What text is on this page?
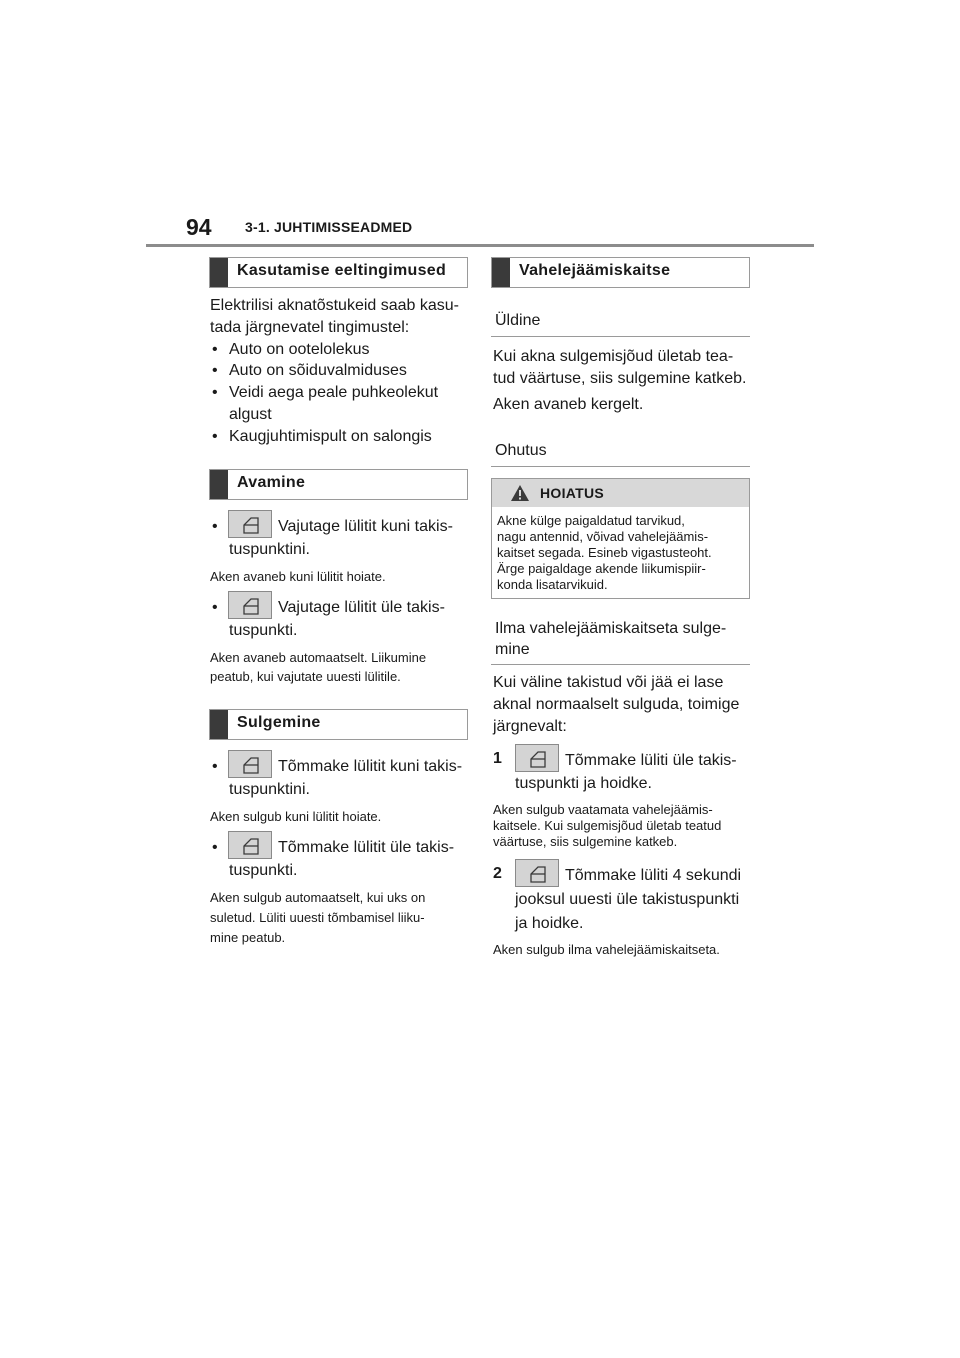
94 3-1. JUHTIMISSEADMED
Kasutamise eeltingimused
Elektrilisi aknatõstukeid saab kasu-
tada järgnevatel tingimustel:
• Auto on ootelolekus
• Auto on sõiduvalmiduses
• Veidi aega peale puhkeolekut
algust
• Kaugjuhtimispult on salongis
Avamine
•	Vajutage lülitit kuni takis-
tuspunktini.
Aken avaneb kuni lülitit hoiate.
•	Vajutage lülitit üle takis-
tuspunkti.
Aken avaneb automaatselt. Liikumine
peatub, kui vajutate uuesti lülitile.
Sulgemine
•	Tõmmake lülitit kuni takis-
tuspunktini.
Aken sulgub kuni lülitit hoiate.
•	Tõmmake lülitit üle takis-
tuspunkti.
Aken sulgub automaatselt, kui uks on
suletud. Lüliti uuesti tõmbamisel liiku-
mine peatub.
Vahelejäämiskaitse
Üldine
Kui akna sulgemisjõud ületab tea-
tud väärtuse, siis sulgemine katkeb.
Aken avaneb kergelt.
Ohutus
HOIATUS
Akne külge paigaldatud tarvikud,
nagu antennid, võivad vahelejäämis-
kaitset segada. Esineb vigastusteoht.
Ärge paigaldage akende liikumispiir-
konda lisatarvikuid.
Ilma vahelejäämiskaitseta sulge-
mine
Kui väline takistud või jää ei lase
aknal normaalselt sulguda, toimige
järgnevalt:
1	Tõmmake lüliti üle takis-
tuspunkti ja hoidke.
Aken sulgub vaatamata vahelejäämis-
kaitsele. Kui sulgemisjõud ületab teatud
väärtuse, siis sulgemine katkeb.
2	Tõmmake lüliti 4 sekundi
jooksul uuesti üle takistuspunkti
ja hoidke.
Aken sulgub ilma vahelejäämiskaitseta.
